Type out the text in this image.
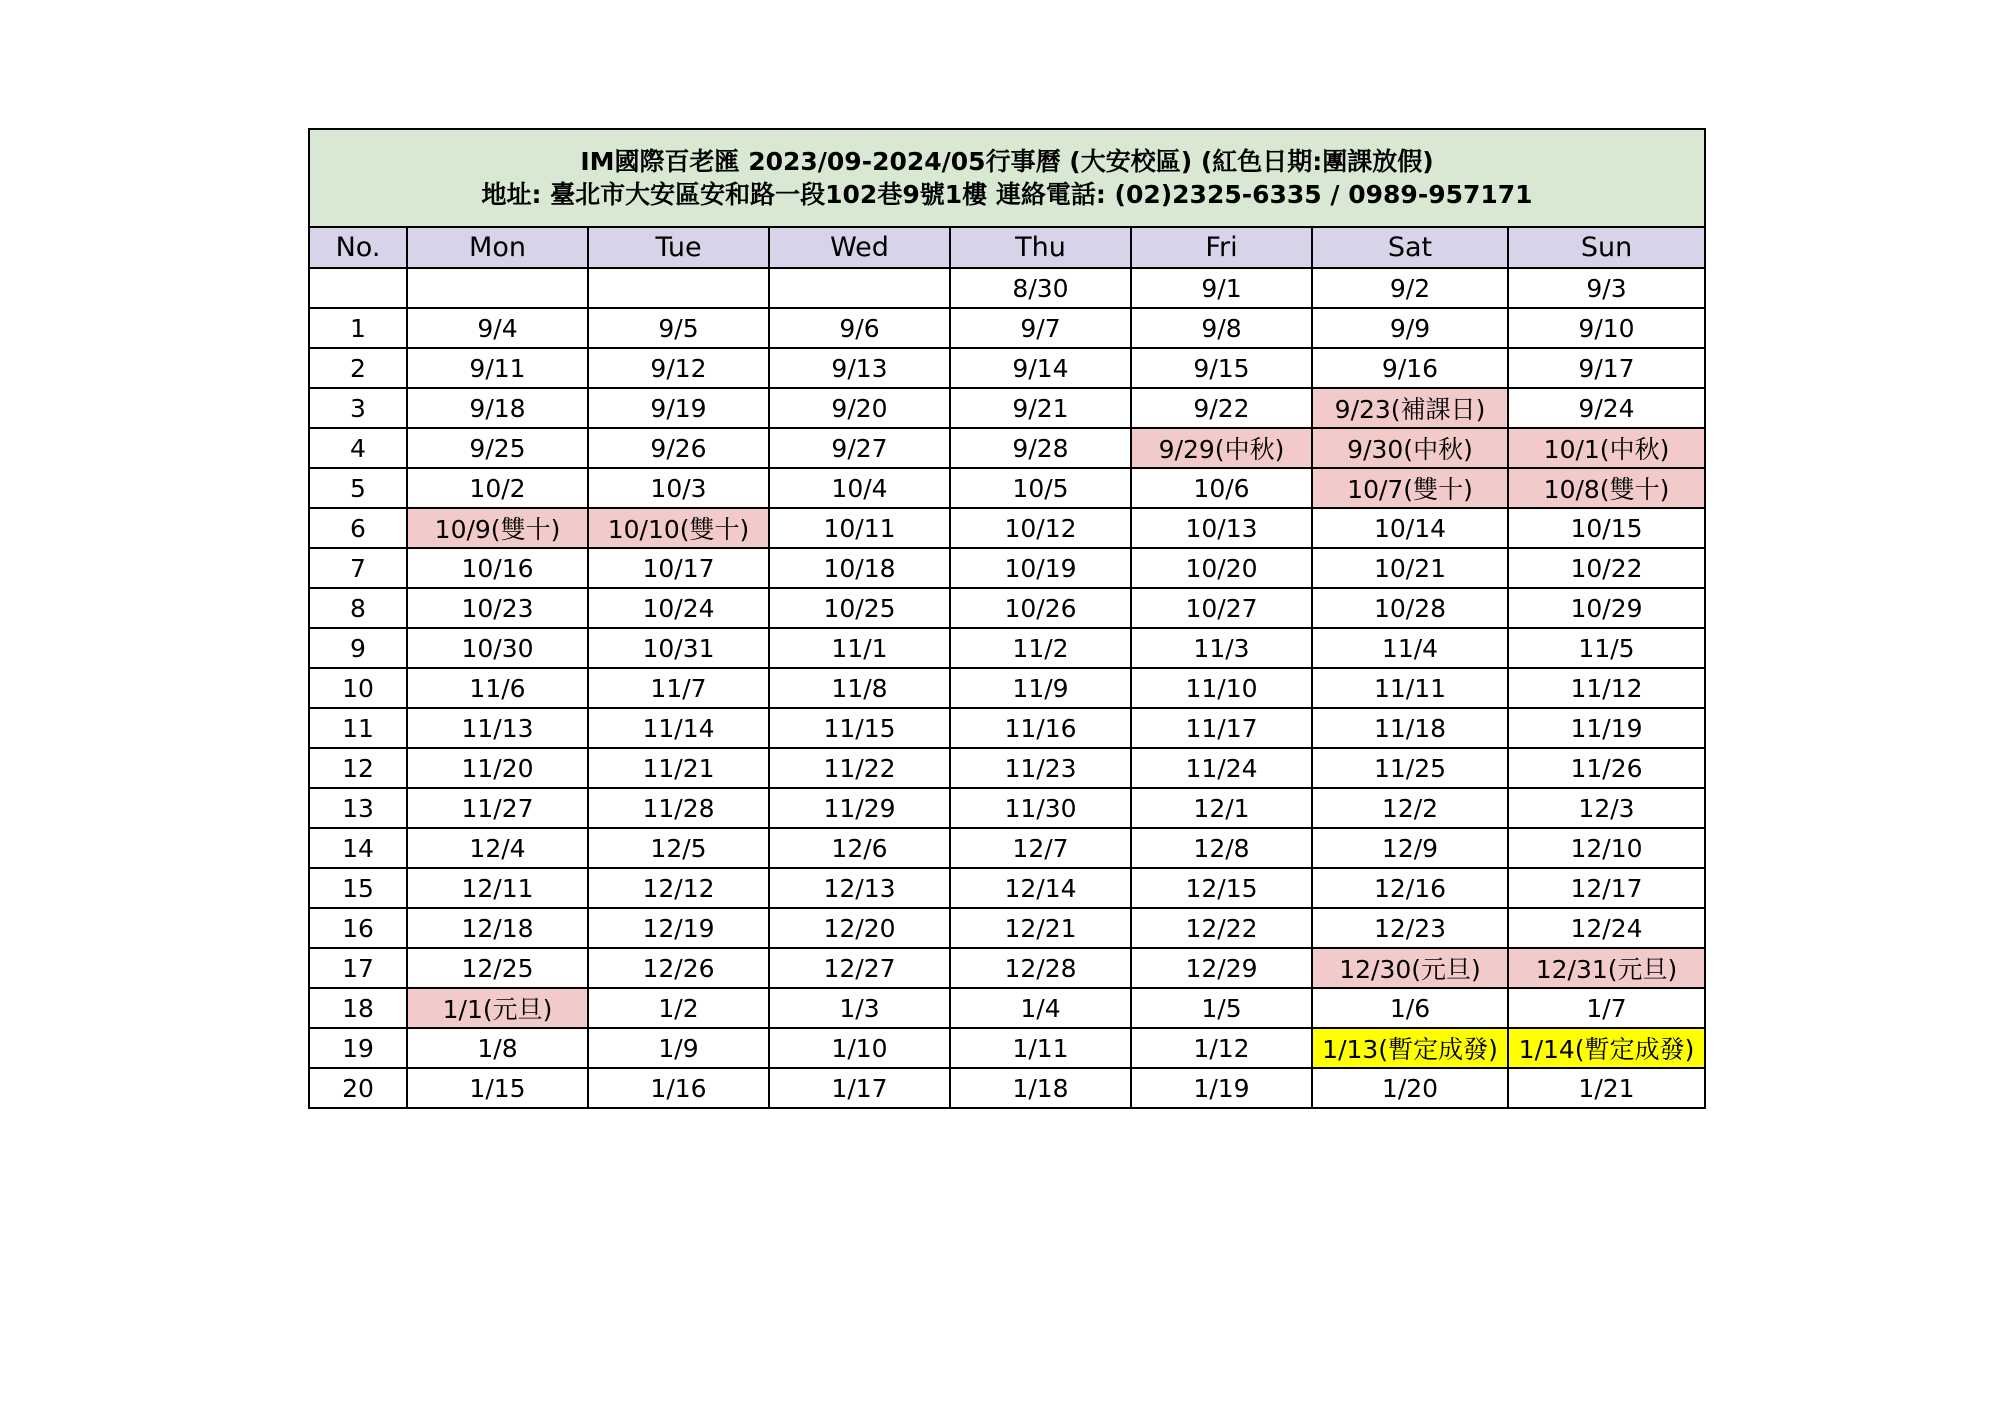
IM國際百老匯 2023/09-2024/05行事曆 (大安校區) (紅色日期:團課放假)
地址: 臺北市大安區安和路一段102巷9號1樓 連絡電話: (02)2325-6335 / 0989-957171							

No.	Mon	Tue	Wed	Thu	Fri	Sat	Sun
				8/30	9/1	9/2	9/3
1	9/4	9/5	9/6	9/7	9/8	9/9	9/10
2	9/11	9/12	9/13	9/14	9/15	9/16	9/17
3	9/18	9/19	9/20	9/21	9/22	9/23(補課日)	9/24
4	9/25	9/26	9/27	9/28	9/29(中秋)	9/30(中秋)	10/1(中秋)
5	10/2	10/3	10/4	10/5	10/6	10/7(雙十)	10/8(雙十)
6	10/9(雙十)	10/10(雙十)	10/11	10/12	10/13	10/14	10/15
7	10/16	10/17	10/18	10/19	10/20	10/21	10/22
8	10/23	10/24	10/25	10/26	10/27	10/28	10/29
9	10/30	10/31	11/1	11/2	11/3	11/4	11/5
10	11/6	11/7	11/8	11/9	11/10	11/11	11/12
11	11/13	11/14	11/15	11/16	11/17	11/18	11/19
12	11/20	11/21	11/22	11/23	11/24	11/25	11/26
13	11/27	11/28	11/29	11/30	12/1	12/2	12/3
14	12/4	12/5	12/6	12/7	12/8	12/9	12/10
15	12/11	12/12	12/13	12/14	12/15	12/16	12/17
16	12/18	12/19	12/20	12/21	12/22	12/23	12/24
17	12/25	12/26	12/27	12/28	12/29	12/30(元旦)	12/31(元旦)
18	1/1(元旦)	1/2	1/3	1/4	1/5	1/6	1/7
19	1/8	1/9	1/10	1/11	1/12	1/13(暫定成發)	1/14(暫定成發)
20	1/15	1/16	1/17	1/18	1/19	1/20	1/21
